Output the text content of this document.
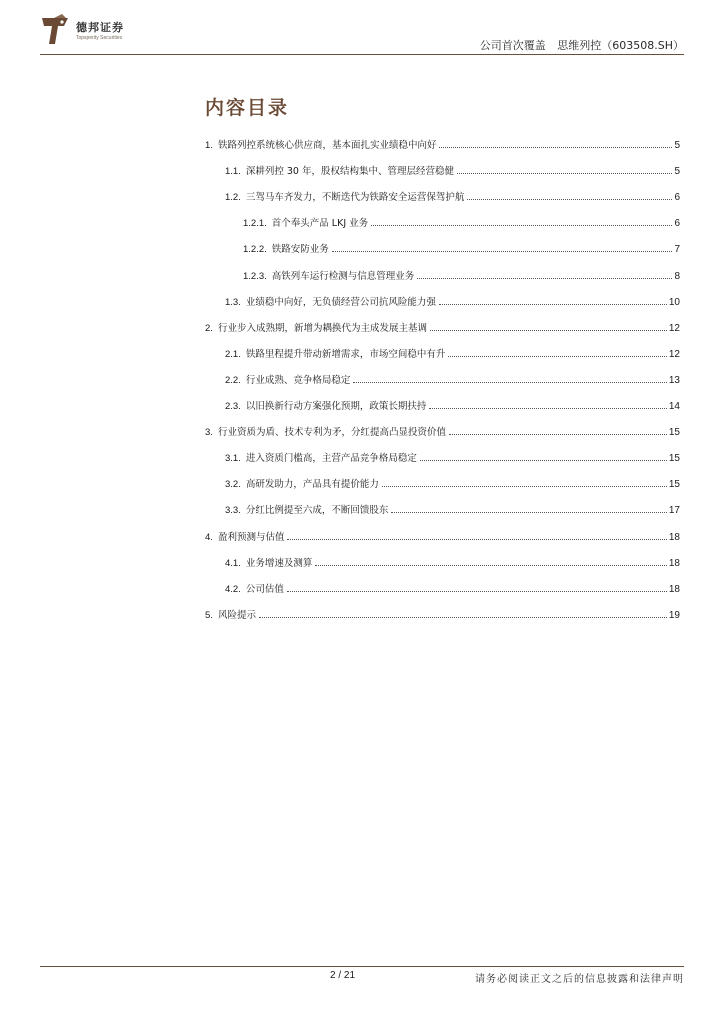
德邦证券
Topsperity Securities
公司首次覆盖 思维列控（603508.SH）
内容目录
1. 铁路列控系统核心供应商，基本面扎实业绩稳中向好	5
1.1. 深耕列控 30 年，股权结构集中、管理层经营稳健	5
1.2. 三驾马车齐发力，不断迭代为铁路安全运营保驾护航	6
1.2.1. 首个奉头产品 LKJ 业务	6
1.2.2. 铁路安防业务	7
1.2.3. 高铁列车运行检测与信息管理业务	8
1.3. 业绩稳中向好，无负债经营公司抗风险能力强	10
2. 行业步入成熟期，新增为耦换代为主成发展主基调	12
2.1. 铁路里程提升带动新增需求，市场空间稳中有升	12
2.2. 行业成熟、竞争格局稳定	13
2.3. 以旧换新行动方案强化预期，政策长期扶持	14
3. 行业资质为盾、技术专利为矛，分红提高凸显投资价值	15
3.1. 进入资质门槛高，主营产品竞争格局稳定	15
3.2. 高研发助力，产品具有提价能力	15
3.3. 分红比例提至六成，不断回馈股东	17
4. 盈利预测与估值	18
4.1. 业务增速及测算	18
4.2. 公司估值	18
5. 风险提示	19
2 / 21	请务必阅读正文之后的信息披露和法律声明
